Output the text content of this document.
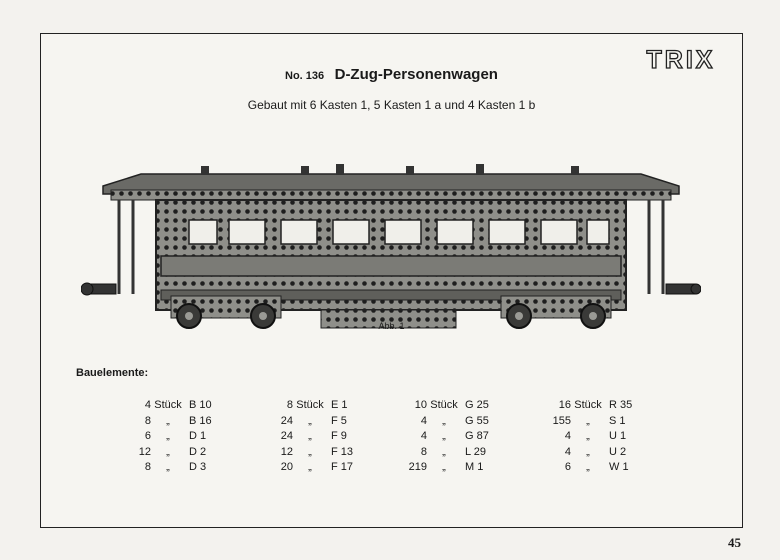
TRIX
No. 136 D-Zug-Personenwagen
Gebaut mit 6 Kasten 1, 5 Kasten 1 a und 4 Kasten 1 b
Abb. 1
Bauelemente:
4 Stück B 10
8	„	B 16
6	„	D 1
12	„	D 2
8	„	D 3
8 Stück E 1
24	„	F 5
24	„	F 9
12	„	F 13
20	„	F 17
10 Stück G 25
4	„	G 55
4	„	G 87
8	„	L 29
219	„	M 1
16 Stück R 35
155	„	S 1
4	„	U 1
4	„	U 2
6	„	W 1
45
